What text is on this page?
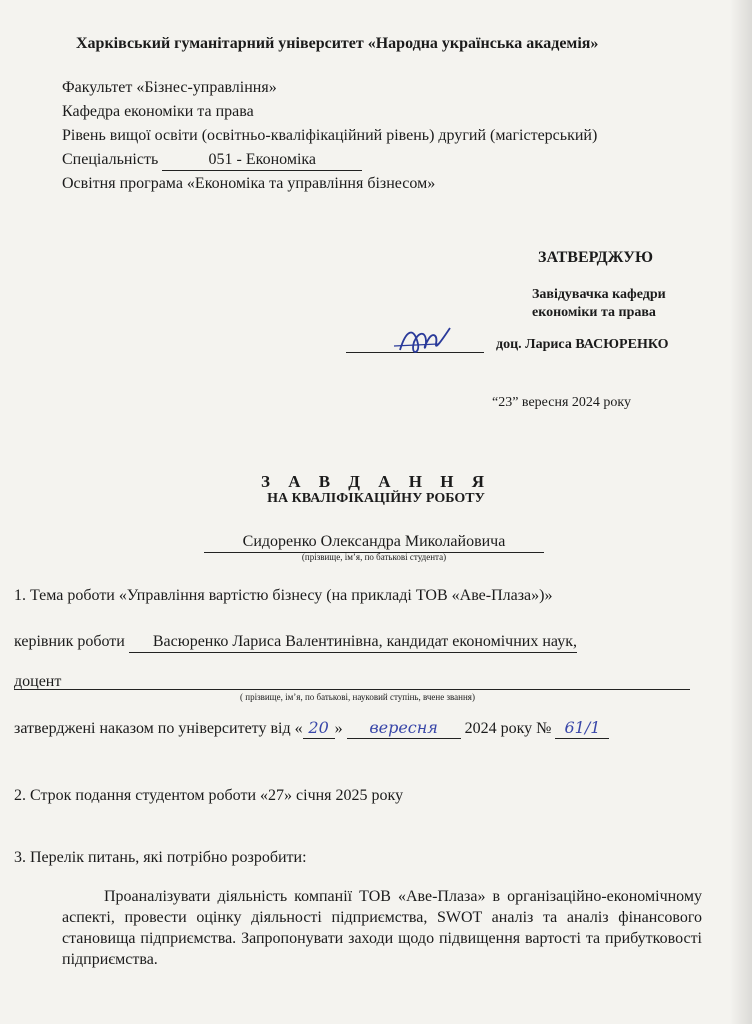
Харківський гуманітарний університет «Народна українська академія»
Факультет «Бізнес-управління»
Кафедра економіки та права
Рівень вищої освіти (освітньо-кваліфікаційний рівень) другий (магістерський)
Спеціальність	051 - Економіка
Освітня програма «Економіка та управління бізнесом»
ЗАТВЕРДЖУЮ
Завідувачка кафедри
економіки та права
доц. Лариса ВАСЮРЕНКО
“23” вересня 2024 року
З А В Д А Н Н Я
НА КВАЛІФІКАЦІЙНУ РОБОТУ
Сидоренко Олександра Миколайовича
(прізвище, ім’я, по батькові студента)
1. Тема роботи «Управління вартістю бізнесу (на прикладі ТОВ «Аве-Плаза»)»
керівник роботи Васюренко Лариса Валентинівна, кандидат економічних наук,
доцент
( прізвище, ім’я, по батькові, науковий ступінь, вчене звання)
затверджені наказом по університету від « 20 » вересня 2024 року № 61/1
2. Строк подання студентом роботи «27» січня 2025 року
3. Перелік питань, які потрібно розробити:
Проаналізувати діяльність компанії ТОВ «Аве-Плаза» в організаційно-економічному аспекті, провести оцінку діяльності підприємства, SWOT аналіз та аналіз фінансового становища підприємства. Запропонувати заходи щодо підвищення вартості та прибутковості підприємства.
